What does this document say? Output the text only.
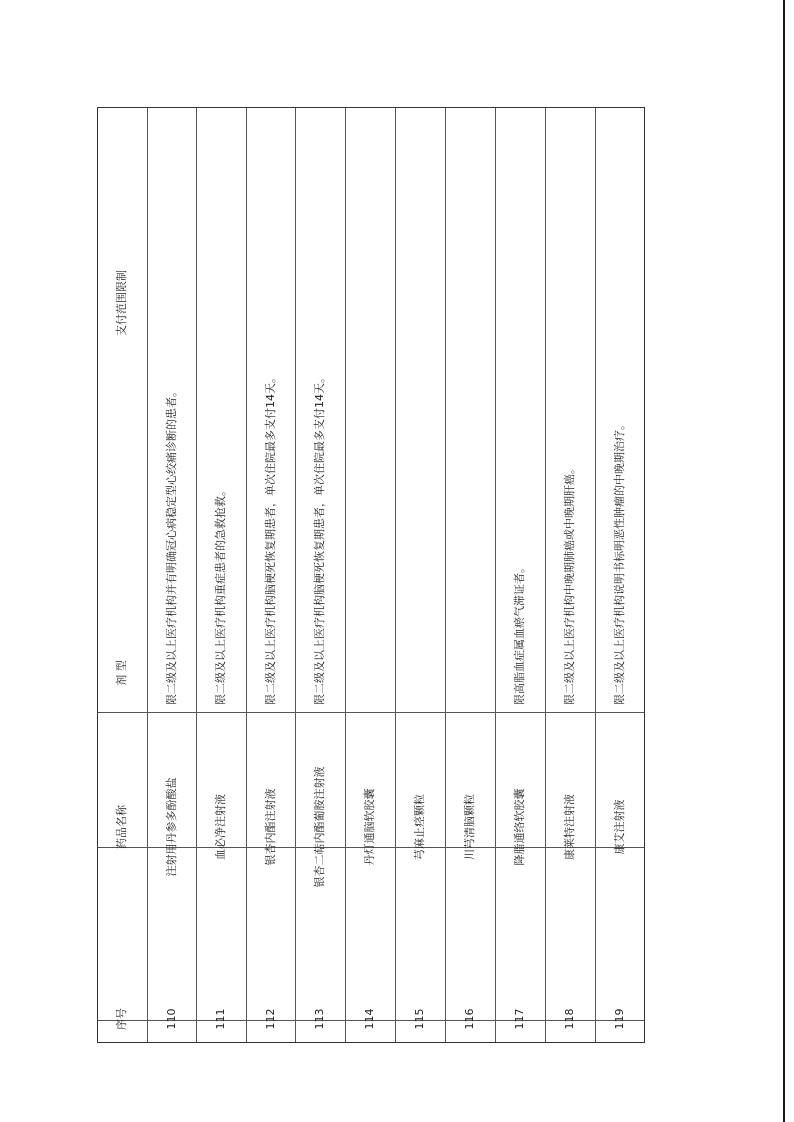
序号
药品名称
剂 型
支付范围限制
110
注射用丹参多酚酸盐
限二级及以上医疗机构并有明确冠心病稳定型心绞痛诊断的患者。
111
血必净注射液
限二级及以上医疗机构重症患者的急救抢救。
112
银杏内酯注射液
限二级及以上医疗机构脑梗死恢复期患者，单次住院最多支付14天。
113
银杏二萜内酯葡胺注射液
限二级及以上医疗机构脑梗死恢复期患者，单次住院最多支付14天。
114
丹灯通脑软胶囊
115
芎麻止痉颗粒
116
川芎清脑颗粒
117
降脂通络软胶囊
限高脂血症属血瘀气滞证者。
118
康莱特注射液
限二级及以上医疗机构中晚期肺癌或中晚期肝癌。
119
康艾注射液
限二级及以上医疗机构说明书标明恶性肿瘤的中晚期治疗。
